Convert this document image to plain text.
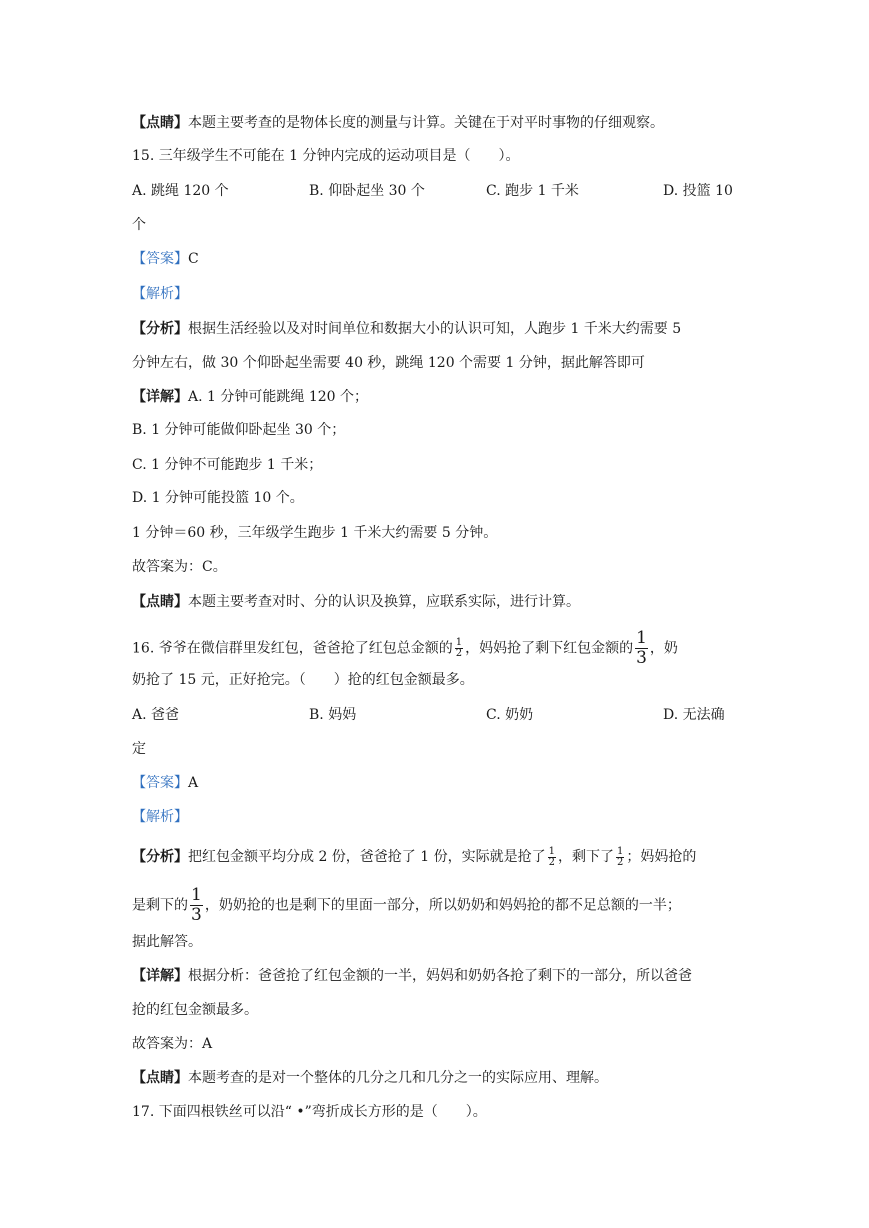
【点睛】本题主要考查的是物体长度的测量与计算。关键在于对平时事物的仔细观察。
15. 三年级学生不可能在 1 分钟内完成的运动项目是（　　）。
A. 跳绳 120 个	B. 仰卧起坐 30 个	C. 跑步 1 千米	D. 投篮 10
个
【答案】C
【解析】
【分析】根据生活经验以及对时间单位和数据大小的认识可知，人跑步 1 千米大约需要 5
分钟左右，做 30 个仰卧起坐需要 40 秒，跳绳 120 个需要 1 分钟，据此解答即可
【详解】A. 1 分钟可能跳绳 120 个；
B. 1 分钟可能做仰卧起坐 30 个；
C. 1 分钟不可能跑步 1 千米；
D. 1 分钟可能投篮 10 个。
1 分钟＝60 秒，三年级学生跑步 1 千米大约需要 5 分钟。
故答案为：C。
【点睛】本题主要考查对时、分的认识及换算，应联系实际，进行计算。
16. 爷爷在微信群里发红包，爸爸抢了红包总金额的 $\frac{1}{2}$ ，妈妈抢了剩下红包金额的 $\frac{1}{3}$ ，奶
奶抢了 15 元，正好抢完。（　　）抢的红包金额最多。
A. 爸爸	B. 妈妈	C. 奶奶	D. 无法确
定
【答案】A
【解析】
【分析】把红包金额平均分成 2 份，爸爸抢了 1 份，实际就是抢了 $\frac{1}{2}$ ，剩下了 $\frac{1}{2}$ ；妈妈抢的
是剩下的 $\frac{1}{3}$ ，奶奶抢的也是剩下的里面一部分，所以奶奶和妈妈抢的都不足总额的一半；
据此解答。
【详解】根据分析：爸爸抢了红包金额的一半，妈妈和奶奶各抢了剩下的一部分，所以爸爸
抢的红包金额最多。
故答案为：A
【点睛】本题考查的是对一个整体的几分之几和几分之一的实际应用、理解。
17. 下面四根铁丝可以沿“ •”弯折成长方形的是（　　）。
